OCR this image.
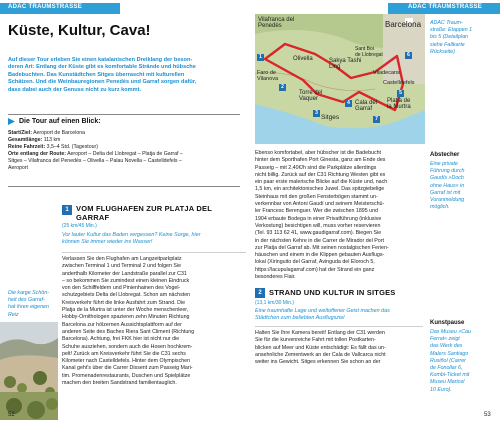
ADAC TRAUMSTRASSE	ADAC TRAUMSTRASSE
Küste, Kultur, Cava!
Auf dieser Tour erleben Sie einen katalanischen Dreiklang der beson-
deren Art: Entlang der Küste gibt es komfortable Strände und hübsche
Badebuchten. Das Kunstädtchen Sitges überrascht mit kulturellen
Schätzen. Und die Weinbauregionen Penedès und Garraf sorgen dafür,
dass dabei auch der Genuss nicht zu kurz kommt.
Die Tour auf einen Blick:
Start/Ziel: Aeroport de Barcelona
Gesamtlänge: 113 km
Reine Fahrzeit: 3,5–4 Std. (Tagestour)
Orte entlang der Route: Aeroport – Delta del Llobregat – Platja de Garraf –
Sitges – Vilafranca del Penedès – Olivella – Palau Novella – Castelldefels –
Aeroport
Die karge Schön-
heit des Garraf-
hat ihren eigenen
Reiz
1 VOM FLUGHAFEN ZUR PLATJA DEL
GARRAF
(25 km/45 Min.)
Vor lauter Kultur das Baden vergessen? Keine Sorge, hier
können Sie immer wieder ins Wasser!
Verlassen Sie den Flughafen am Langzeitparkplatz
zwischen Terminal 1 und Terminal 2 und folgen Sie
anderthalb Kilometer der Landstraße parallel zur C31
– so bekommen Sie zumindest einen kleinen Eindruck
von den Schilffeldern und Pinienhainen des Vogel-
schutzgebiets Delta del Llobregat. Schon am nächsten
Kreisverkehr führt die linke Ausfahrt zum Strand. Die
Platja de la Murtra ist unter der Woche menschenleer,
Hobby-Ornithologen spazieren zehn Minuten Richtung
Barcelona zur hölzernen Aussichtsplattform auf der
anderen Seite des Baches Riera Sant Climent (Richtung
Barcelona). Achtung, frei FKK hier ist nicht nur die
Schuhe ausziehen, sondern auch die Hosen hochkrem-
pelt! Zurück am Kreisverkehr führt Sie die C31 sechs
Kilometer nach Castelldefels. Hinter dem Olympischen
Kanal geht's über die Carrer Dissent zum Passeig Mari-
tim. Promenadenrestaurants, Duschen und Spielplätze
machen den breiten Sandstrand familientauglich.
Vilafranca del
Penedès	Barcelona
Sant Boi
de Llobregat
Olivella	Sakya Tashi
Ling
Viladecans
Castelldefels
Faro de
Vilanova
Torre del
Vaquer
Cala del
Garraf
Platja de
la Murtra
Sitges
1
2
3
4
5
6
7
ADAC Traum-
straße: Etappen 1
bis 5 (Detailplan
siehe Faltkarte
Rückseite)
Abstecher
Eine private
Führung durch
Gaudís »Doch
ohne Haus« in
Garraf ist mit
Voranmeldung
möglich.
Kunstpause
Das Museu »Cau
Ferrat« zeigt
das Werk des
Malers Santiago
Rusiñol (Carrer
de Fonollar 6,
Kombi-Ticket mit
Museu Maricel
10 Euro).
Ebenso komfortabel, aber hübscher ist die Badebucht
hinter dem Sporthafen Port Ginesta, ganz am Ende des
Passeig – mit 2,40€/h sind die Parkplätze allerdings
nicht billig. Zurück auf der C31 Richtung Westen gibt es
ein paar erste malerische Blicke auf die Küste und, nach
1,5 km, ein architektonisches Juwel. Das spitzgiebelige
Steinhaus mit den großen Fensterbögen stammt un-
verkennbar von Antoni Gaudí und seinem Meisterschü-
ler Francesc Berenguer. Wer die zwischen 1895 und
1904 erbaute Bodega in einer Privatführung (inklusive
Verkostung) besichtigen will, muss vorher reservieren
(Tel. 93 113 62 41, www.gaudigarraf.com). Biegen Sie
in der nächsten Kehre in die Carrer de Mirador del Port
zur Platja del Garraf ab. Mit seinen nostalgischen Ferien-
häuschen und einem in die Klippen gebauten Ausflugs-
lokal (Xiringuito del Garraf, Avinguda del Eloroch 5,
https://lacupulagarraf.com) hat der Strand ein ganz
besonderes Flair.
2 STRAND UND KULTUR IN SITGES
(13,1 km/30 Min.)
Eine traumhafte Lage und weltoffener Geist machen das
Städtchen zum beliebten Ausflugsziel
Halten Sie Ihre Kamera bereit! Entlang der C31 werden
Sie für die kurvenreiche Fahrt mit tollen Postkarten-
blicken auf Meer und Küste entschädigt: Es fällt das un-
ansehnliche Zementwerk an der Cala de Vallcarca nicht
weiter ins Gewicht. Sitges erkennen Sie schon an der
52	53
